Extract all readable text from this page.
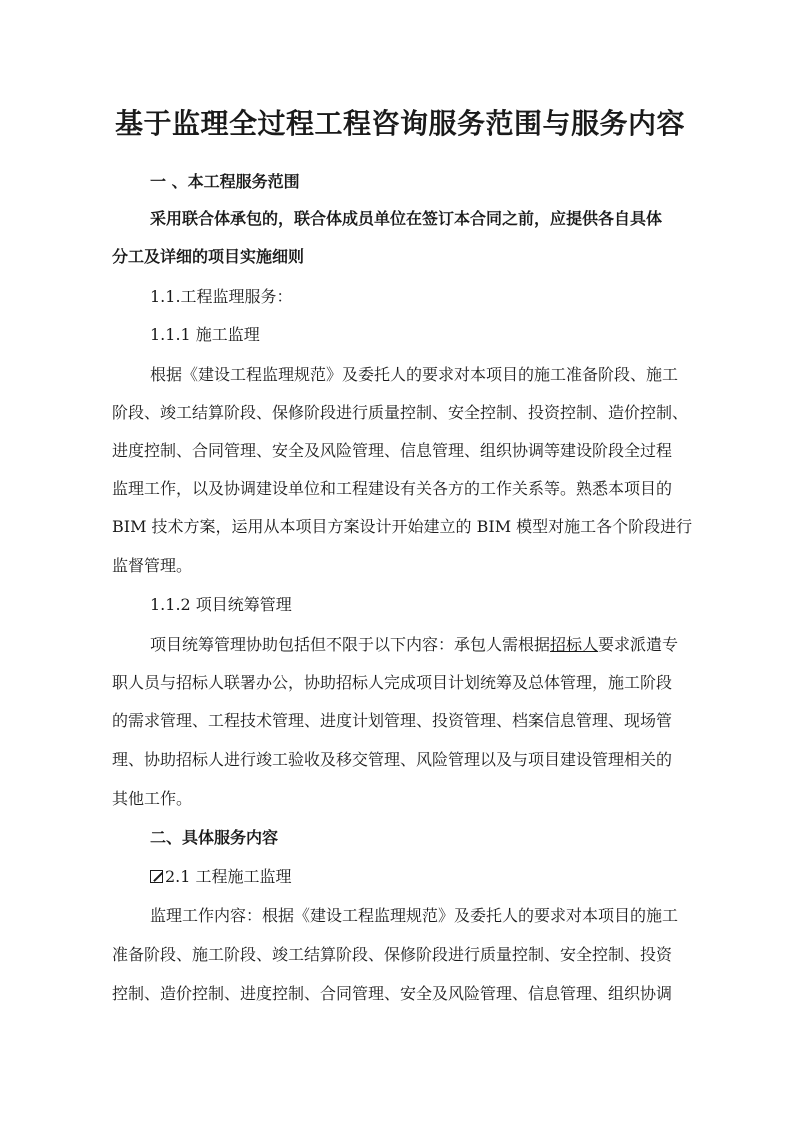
基于监理全过程工程咨询服务范围与服务内容

一 、本工程服务范围

采用联合体承包的，联合体成员单位在签订本合同之前，应提供各自具体

分工及详细的项目实施细则

1.1.工程监理服务：

1.1.1 施工监理

根据《建设工程监理规范》及委托人的要求对本项目的施工准备阶段、施工

阶段、竣工结算阶段、保修阶段进行质量控制、安全控制、投资控制、造价控制、

进度控制、合同管理、安全及风险管理、信息管理、组织协调等建设阶段全过程

监理工作，以及协调建设单位和工程建设有关各方的工作关系等。熟悉本项目的

BIM 技术方案，运用从本项目方案设计开始建立的 BIM 模型对施工各个阶段进行

监督管理。

1.1.2 项目统筹管理

项目统筹管理协助包括但不限于以下内容：承包人需根据招标人要求派遣专

职人员与招标人联署办公，协助招标人完成项目计划统筹及总体管理，施工阶段

的需求管理、工程技术管理、进度计划管理、投资管理、档案信息管理、现场管

理、协助招标人进行竣工验收及移交管理、风险管理以及与项目建设管理相关的

其他工作。

二、具体服务内容

2.1 工程施工监理

监理工作内容：根据《建设工程监理规范》及委托人的要求对本项目的施工

准备阶段、施工阶段、竣工结算阶段、保修阶段进行质量控制、安全控制、投资

控制、造价控制、进度控制、合同管理、安全及风险管理、信息管理、组织协调
